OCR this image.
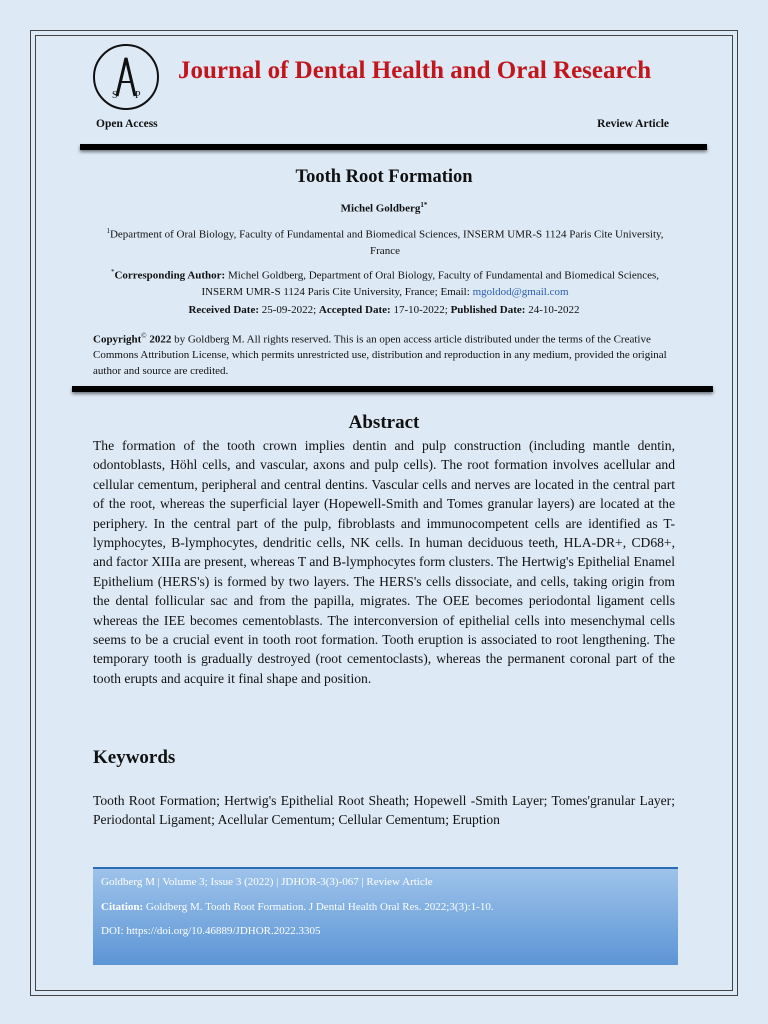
S P
Journal of Dental Health and Oral Research
Open Access	Review Article
Tooth Root Formation
Michel Goldberg$^{1*}$
$^1$Department of Oral Biology, Faculty of Fundamental and Biomedical Sciences, INSERM UMR-S 1124 Paris Cite University, France
*Corresponding Author: Michel Goldberg, Department of Oral Biology, Faculty of Fundamental and Biomedical Sciences, INSERM UMR-S 1124 Paris Cite University, France; Email: mgoldod@gmail.com
Received Date: 25-09-2022; Accepted Date: 17-10-2022; Published Date: 24-10-2022
Copyright© 2022 by Goldberg M. All rights reserved. This is an open access article distributed under the terms of the Creative Commons Attribution License, which permits unrestricted use, distribution and reproduction in any medium, provided the original author and source are credited.
Abstract
The formation of the tooth crown implies dentin and pulp construction (including mantle dentin, odontoblasts, Höhl cells, and vascular, axons and pulp cells). The root formation involves acellular and cellular cementum, peripheral and central dentins. Vascular cells and nerves are located in the central part of the root, whereas the superficial layer (Hopewell-Smith and Tomes granular layers) are located at the periphery. In the central part of the pulp, fibroblasts and immunocompetent cells are identified as T-lymphocytes, B-lymphocytes, dendritic cells, NK cells. In human deciduous teeth, HLA-DR+, CD68+, and factor XIIIa are present, whereas T and B-lymphocytes form clusters. The Hertwig's Epithelial Enamel Epithelium (HERS's) is formed by two layers. The HERS's cells dissociate, and cells, taking origin from the dental follicular sac and from the papilla, migrates. The OEE becomes periodontal ligament cells whereas the IEE becomes cementoblasts. The interconversion of epithelial cells into mesenchymal cells seems to be a crucial event in tooth root formation. Tooth eruption is associated to root lengthening. The temporary tooth is gradually destroyed (root cementoclasts), whereas the permanent coronal part of the tooth erupts and acquire it final shape and position.
Keywords
Tooth Root Formation; Hertwig's Epithelial Root Sheath; Hopewell -Smith Layer; Tomes'granular Layer; Periodontal Ligament; Acellular Cementum; Cellular Cementum; Eruption
Goldberg M | Volume 3; Issue 3 (2022) | JDHOR-3(3)-067 | Review Article
Citation: Goldberg M. Tooth Root Formation. J Dental Health Oral Res. 2022;3(3):1-10.
DOI: https://doi.org/10.46889/JDHOR.2022.3305
